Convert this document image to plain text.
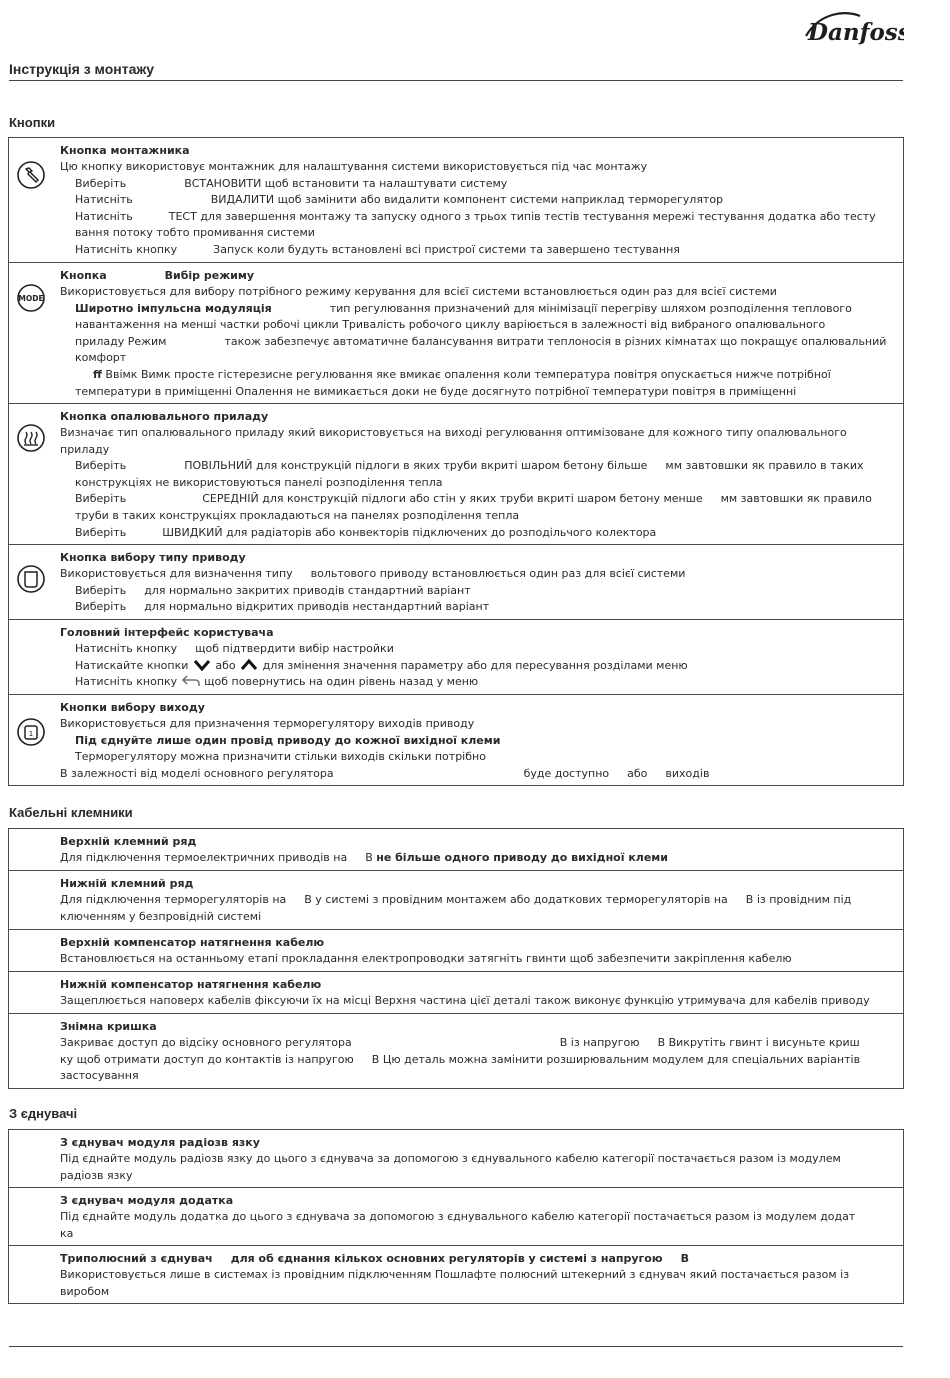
Danfoss
Інструкція з монтажу
Кнопки
Кнопка монтажника
Цю кнопку використовує монтажник для налаштування системи використовується під час монтажу
Виберіть	ВСТАНОВИТИ щоб встановити та налаштувати систему
Натисніть	ВИДАЛИТИ щоб замінити або видалити компонент системи наприклад терморегулятор
Натисніть	ТЕСТ для завершення монтажу та запуску одного з трьох типів тестів тестування мережі тестування додатка або тесту
вання потоку тобто промивання системи
Натисніть кнопку	Запуск коли будуть встановлені всі пристрої системи та завершено тестування
MODE
Кнопка	Вибір режиму
Використовується для вибору потрібного режиму керування для всієї системи встановлюється один раз для всієї системи
Широтно імпульсна модуляція	тип регулювання призначений для мінімізації перегріву шляхом розподілення теплового
навантаження на менші частки робочі цикли Тривалість робочого циклу варіюється в залежності від вибраного опалювального
приладу Режим	також забезпечує автоматичне балансування витрати теплоносія в різних кімнатах що покращує опалювальний
комфорт
ff Ввімк Вимк просте гістерезисне регулювання яке вмикає опалення коли температура повітря опускається нижче потрібної
температури в приміщенні Опалення не вимикається доки не буде досягнуто потрібної температури повітря в приміщенні
Кнопка опалювального приладу
Визначає тип опалювального приладу який використовується на виході регулювання оптимізоване для кожного типу опалювального
приладу
Виберіть	ПОВІЛЬНИЙ для конструкцій підлоги в яких труби вкриті шаром бетону більше мм завтовшки як правило в таких
конструкціях не використовуються панелі розподілення тепла
Виберіть	СЕРЕДНІЙ для конструкцій підлоги або стін у яких труби вкриті шаром бетону менше мм завтовшки як правило
труби в таких конструкціях прокладаються на панелях розподілення тепла
Виберіть	ШВИДКИЙ для радіаторів або конвекторів підключених до розподільчого колектора
Кнопка вибору типу приводу
Використовується для визначення типу вольтового приводу встановлюється один раз для всієї системи
Виберіть для нормально закритих приводів стандартний варіант
Виберіть для нормально відкритих приводів нестандартний варіант
Головний інтерфейс користувача
Натисніть кнопку щоб підтвердити вибір настройки
Натискайте кнопки або для змінення значення параметру або для пересування розділами меню
Натисніть кнопку щоб повернутись на один рівень назад у меню
1
Кнопки вибору виходу
Використовується для призначення терморегулятору виходів приводу
Під єднуйте лише один провід приводу до кожної вихідної клеми
Терморегулятору можна призначити стільки виходів скільки потрібно
В залежності від моделі основного регулятора	буде доступно або виходів
Кабельні клемники
Верхній клемний ряд
Для підключення термоелектричних приводів на В не більше одного приводу до вихідної клеми
Нижній клемний ряд
Для підключення терморегуляторів на В у системі з провідним монтажем або додаткових терморегуляторів на В із провідним під
ключенням у безпровідній системі
Верхній компенсатор натягнення кабелю
Встановлюється на останньому етапі прокладання електропроводки затягніть гвинти щоб забезпечити закріплення кабелю
Нижній компенсатор натягнення кабелю
Защеплюється наповерх кабелів фіксуючи їх на місці Верхня частина цієї деталі також виконує функцію утримувача для кабелів приводу
Знімна кришка
Закриває доступ до відсіку основного регулятора	В із напругою В Викрутіть гвинт і висуньте криш
ку щоб отримати доступ до контактів із напругою В Цю деталь можна замінити розширювальним модулем для спеціальних варіантів
застосування
З єднувачі
З єднувач модуля радіозв язку
Під єднайте модуль радіозв язку до цього з єднувача за допомогою з єднувального кабелю категорії постачається разом із модулем
радіозв язку
З єднувач модуля додатка
Під єднайте модуль додатка до цього з єднувача за допомогою з єднувального кабелю категорії постачається разом із модулем додат
ка
Триполюсний з єднувач для об єднання кількох основних регуляторів у системі з напругою В
Використовується лише в системах із провідним підключенням Пошлафте полюсний штекерний з єднувач який постачається разом із
виробом
